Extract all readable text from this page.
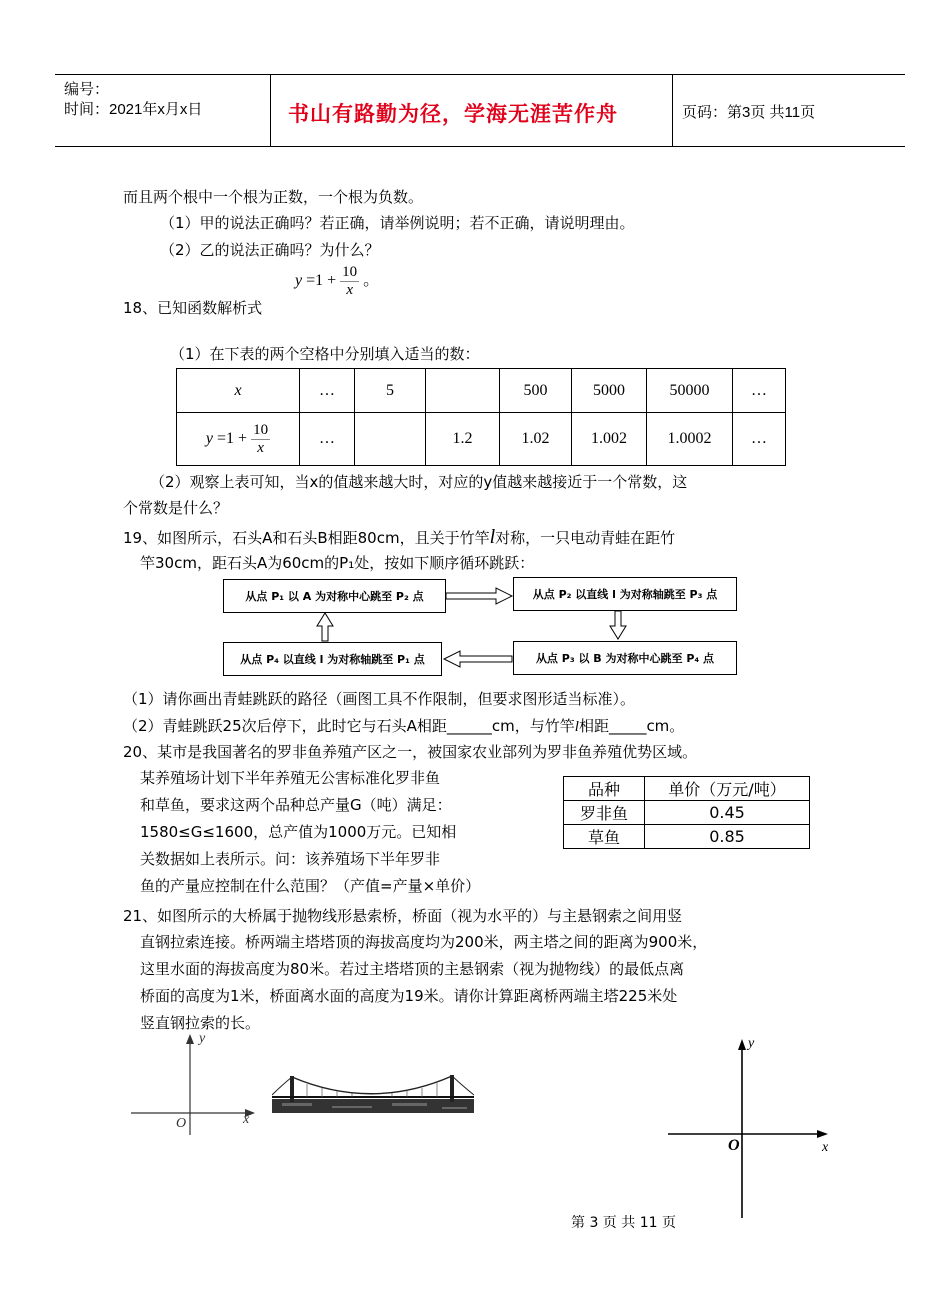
编号：
时间：2021年x月x日	书山有路勤为径，学海无涯苦作舟	页码：第3页 共11页
而且两个根中一个根为正数，一个根为负数。
（1）甲的说法正确吗？若正确，请举例说明；若不正确，请说明理由。
（2）乙的说法正确吗？为什么？
$y =1 + \frac{10}{x}$ 。
18、已知函数解析式
（1）在下表的两个空格中分别填入适当的数：
x	…	5		500	5000	50000	…
$y =1 + \frac{10}{x}$	…		1.2	1.02	1.002	1.0002	…
（2）观察上表可知，当x的值越来越大时，对应的y值越来越接近于一个常数，这
个常数是什么？
19、如图所示，石头A和石头B相距80cm，且关于竹竿l对称，一只电动青蛙在距竹
竿30cm，距石头A为60cm的P₁处，按如下顺序循环跳跃：
从点 P₁ 以 A 为对称中心跳至 P₂ 点	从点 P₂ 以直线 l 为对称轴跳至 P₃ 点
从点 P₄ 以直线 l 为对称轴跳至 P₁ 点	从点 P₃ 以 B 为对称中心跳至 P₄ 点
（1）请你画出青蛙跳跃的路径（画图工具不作限制，但要求图形适当标准）。
（2）青蛙跳跃25次后停下，此时它与石头A相距______cm，与竹竿l相距_____cm。
20、某市是我国著名的罗非鱼养殖产区之一，被国家农业部列为罗非鱼养殖优势区域。
某养殖场计划下半年养殖无公害标准化罗非鱼
和草鱼，要求这两个品种总产量G（吨）满足：
1580≤G≤1600，总产值为1000万元。已知相
关数据如上表所示。问：该养殖场下半年罗非
鱼的产量应控制在什么范围？（产值=产量×单价）
品种	单价（万元/吨）
罗非鱼	0.45
草鱼	0.85
21、如图所示的大桥属于抛物线形悬索桥，桥面（视为水平的）与主悬钢索之间用竖
直钢拉索连接。桥两端主塔塔顶的海拔高度均为200米，两主塔之间的距离为900米，
这里水面的海拔高度为80米。若过主塔塔顶的主悬钢索（视为抛物线）的最低点离
桥面的高度为1米，桥面离水面的高度为19米。请你计算距离桥两端主塔225米处
竖直钢拉索的长。
y
x
O
y
x
O
第 3 页 共 11 页
